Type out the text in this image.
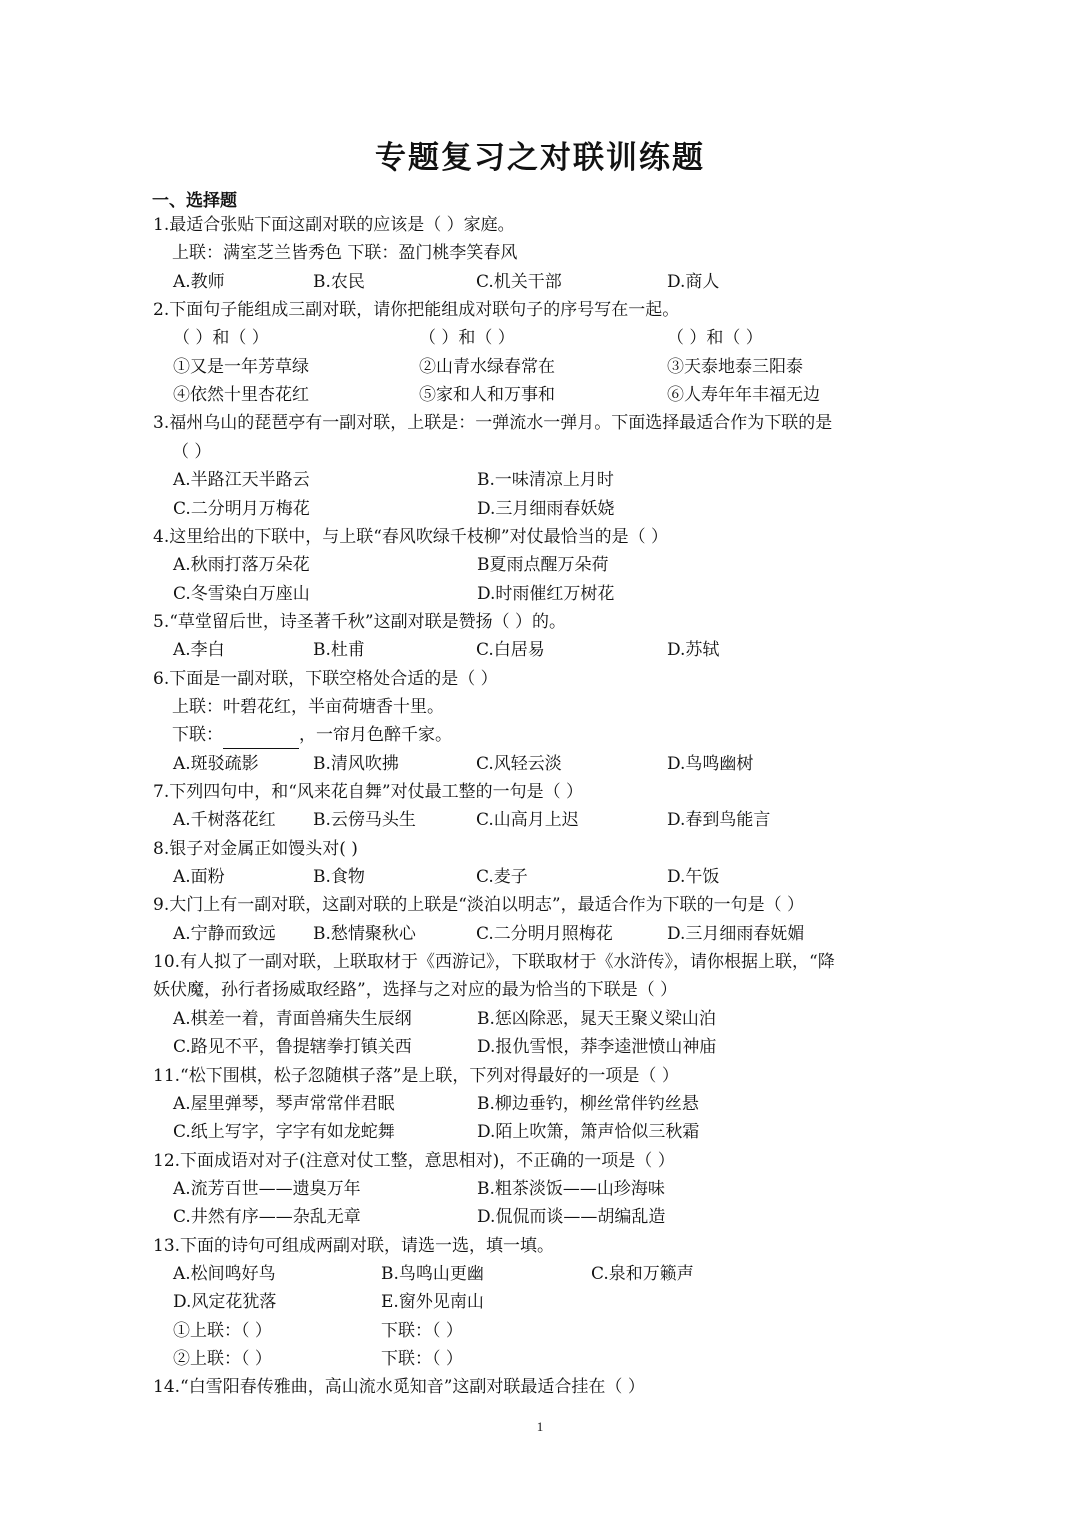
专题复习之对联训练题
一、选择题
1.最适合张贴下面这副对联的应该是（ ）家庭。
上联：满室芝兰皆秀色 下联：盈门桃李笑春风
A.教师	B.农民	C.机关干部	D.商人
2.下面句子能组成三副对联，请你把能组成对联句子的序号写在一起。
（ ）和（ ）	（ ）和（ ）	（ ）和（ ）
①又是一年芳草绿	②山青水绿春常在	③天泰地泰三阳泰
④依然十里杏花红	⑤家和人和万事和	⑥人寿年年丰福无边
3.福州乌山的琵琶亭有一副对联，上联是：一弹流水一弹月。下面选择最适合作为下联的是
（ ）
A.半路江天半路云	B.一味清凉上月时
C.二分明月万梅花	D.三月细雨春妖娆
4.这里给出的下联中，与上联“春风吹绿千枝柳”对仗最恰当的是（ ）
A.秋雨打落万朵花	B夏雨点醒万朵荷
C.冬雪染白万座山	D.时雨催红万树花
5.“草堂留后世，诗圣著千秋”这副对联是赞扬（ ）的。
A.李白	B.杜甫	C.白居易	D.苏轼
6.下面是一副对联，下联空格处合适的是（ ）
上联：叶碧花红，半亩荷塘香十里。
下联：	，一帘月色醉千家。
A.斑驳疏影	B.清风吹拂	C.风轻云淡	D.鸟鸣幽树
7.下列四句中，和“风来花自舞”对仗最工整的一句是（ ）
A.千树落花红 B.云傍马头生	C.山高月上迟	D.春到鸟能言
8.银子对金属正如馒头对( )
A.面粉	B.食物	C.麦子	D.午饭
9.大门上有一副对联，这副对联的上联是“淡泊以明志”，最适合作为下联的一句是（ ）
A.宁静而致远 B.愁情聚秋心	C.二分明月照梅花	D.三月细雨春妩媚
10.有人拟了一副对联，上联取材于《西游记》，下联取材于《水浒传》，请你根据上联，“降
妖伏魔，孙行者扬威取经路”，选择与之对应的最为恰当的下联是（ ）
A.棋差一着，青面兽痛失生辰纲	B.惩凶除恶，晁天王聚义梁山泊
C.路见不平，鲁提辖拳打镇关西	D.报仇雪恨，莽李逵泄愤山神庙
11.“松下围棋，松子忽随棋子落”是上联，下列对得最好的一项是（ ）
A.屋里弹琴，琴声常常伴君眠	B.柳边垂钓，柳丝常伴钓丝悬
C.纸上写字，字字有如龙蛇舞	D.陌上吹箫，箫声恰似三秋霜
12.下面成语对对子(注意对仗工整，意思相对)，不正确的一项是（ ）
A.流芳百世——遗臭万年	B.粗茶淡饭——山珍海味
C.井然有序——杂乱无章	D.侃侃而谈——胡编乱造
13.下面的诗句可组成两副对联，请选一选，填一填。
A.松间鸣好鸟	B.鸟鸣山更幽	C.泉和万籁声
D.风定花犹落	E.窗外见南山
①上联：（ ）	下联：（ ）
②上联：（ ）	下联：（ ）
14.“白雪阳春传雅曲，高山流水觅知音”这副对联最适合挂在（ ）
1
